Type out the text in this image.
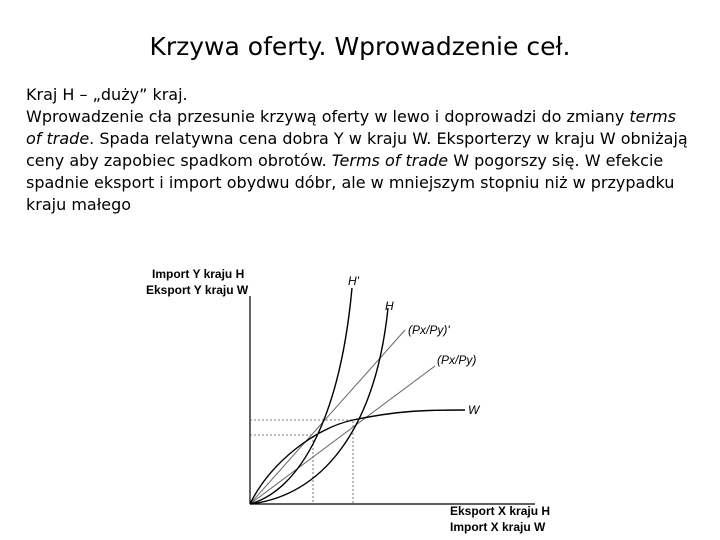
Krzywa oferty. Wprowadzenie ceł.

Kraj H – „duży” kraj.

Wprowadzenie cła przesunie krzywą oferty w lewo i doprowadzi do zmiany terms of trade. Spada relatywna cena dobra Y w kraju W. Eksporterzy w kraju W obniżają ceny aby zapobiec spadkom obrotów. Terms of trade W pogorszy się. W efekcie spadnie eksport i import obydwu dóbr, ale w mniejszym stopniu niż w przypadku kraju małego

Import Y kraju H
Eksport Y kraju W
Eksport X kraju H
Import X kraju W
H'
H
W
(Px/Py)'
(Px/Py)
